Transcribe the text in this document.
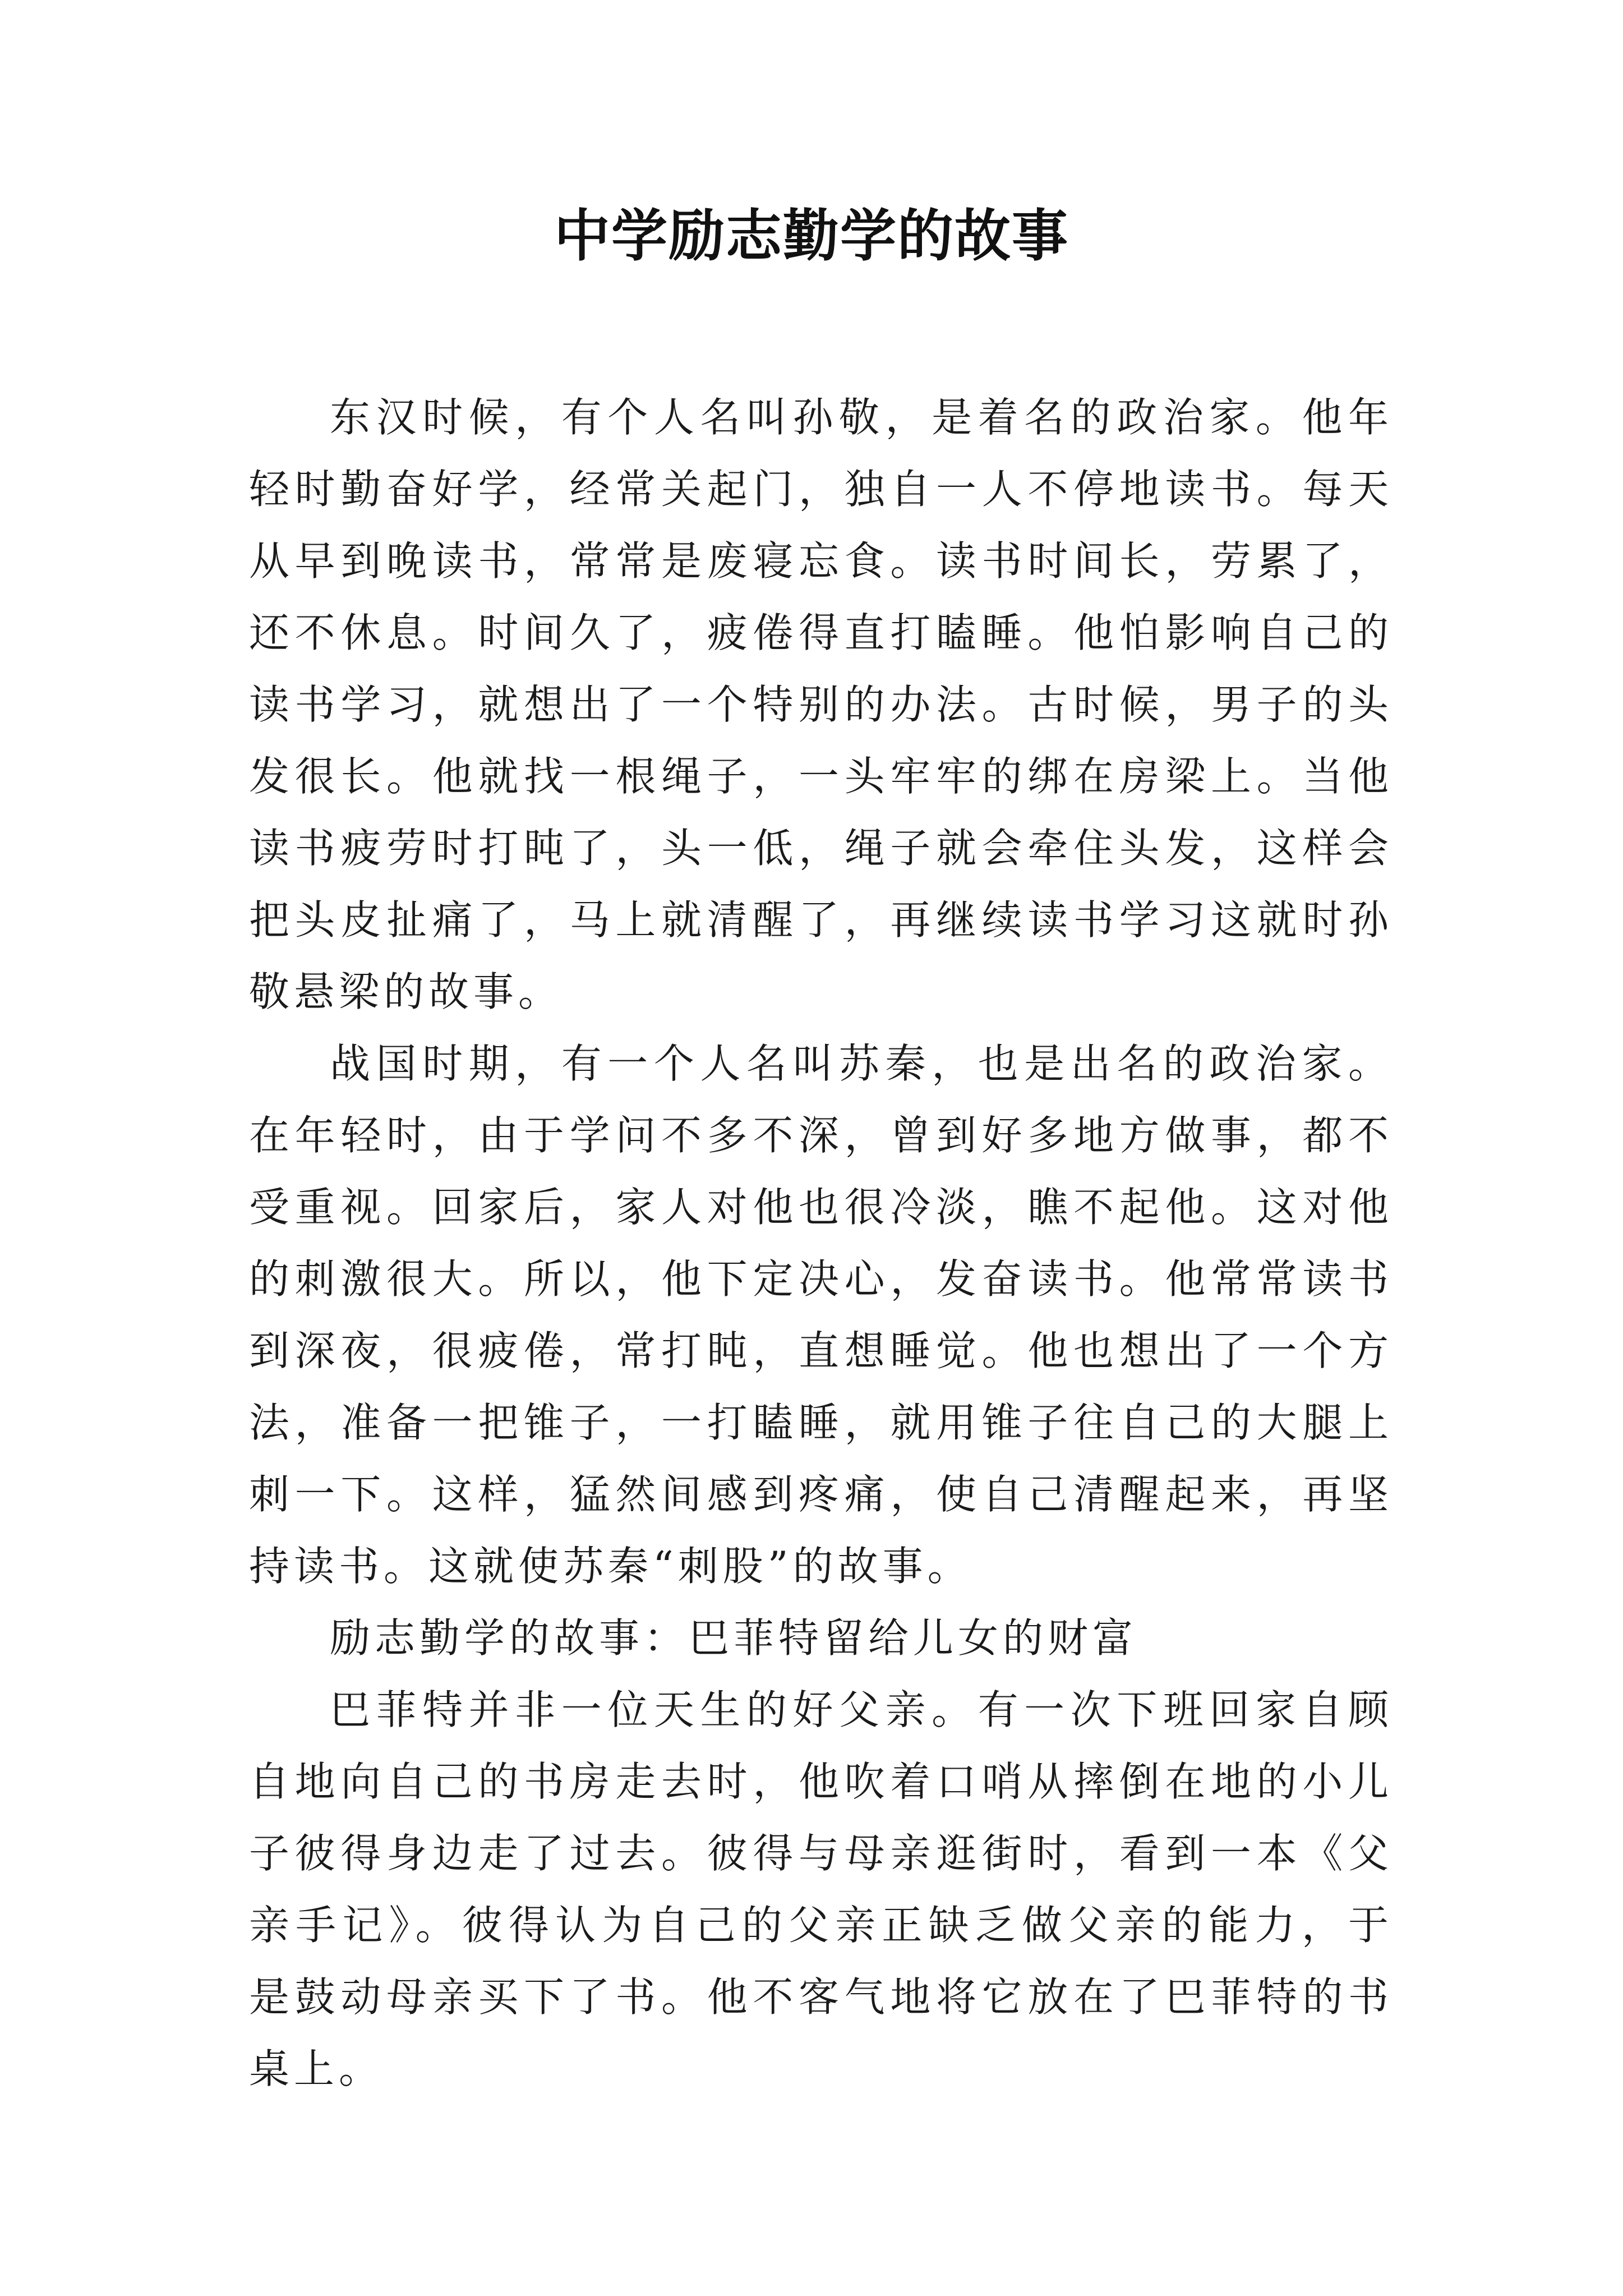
中学励志勤学的故事

东汉时候，有个人名叫孙敬，是着名的政治家。他年轻时勤奋好学，经常关起门，独自一人不停地读书。每天从早到晚读书，常常是废寝忘食。读书时间长，劳累了，还不休息。时间久了，疲倦得直打瞌睡。他怕影响自己的读书学习，就想出了一个特别的办法。古时候，男子的头发很长。他就找一根绳子，一头牢牢的绑在房梁上。当他读书疲劳时打盹了，头一低，绳子就会牵住头发，这样会把头皮扯痛了，马上就清醒了，再继续读书学习这就时孙敬悬梁的故事。

战国时期，有一个人名叫苏秦，也是出名的政治家。在年轻时，由于学问不多不深，曾到好多地方做事，都不受重视。回家后，家人对他也很冷淡，瞧不起他。这对他的刺激很大。所以，他下定决心，发奋读书。他常常读书到深夜，很疲倦，常打盹，直想睡觉。他也想出了一个方法，准备一把锥子，一打瞌睡，就用锥子往自己的大腿上刺一下。这样，猛然间感到疼痛，使自己清醒起来，再坚持读书。这就使苏秦“刺股”的故事。

励志勤学的故事：巴菲特留给儿女的财富

巴菲特并非一位天生的好父亲。有一次下班回家自顾自地向自己的书房走去时，他吹着口哨从摔倒在地的小儿子彼得身边走了过去。彼得与母亲逛街时，看到一本《父亲手记》。彼得认为自己的父亲正缺乏做父亲的能力，于是鼓动母亲买下了书。他不客气地将它放在了巴菲特的书桌上。
